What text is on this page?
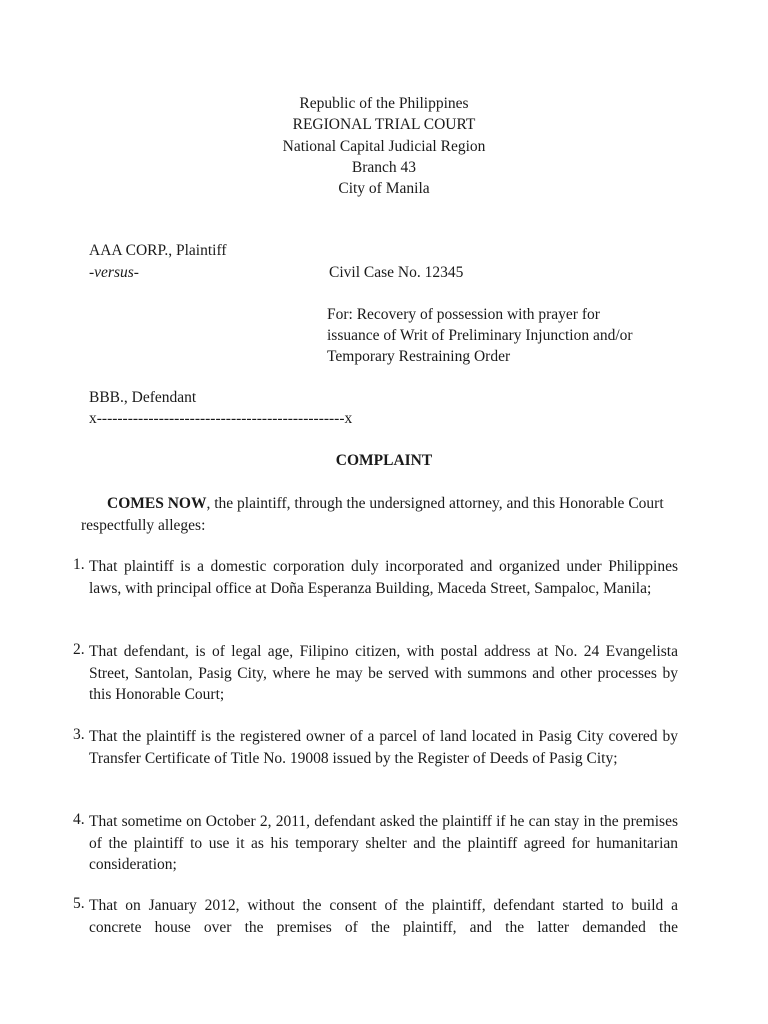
Republic of the Philippines
REGIONAL TRIAL COURT
National Capital Judicial Region
Branch 43
City of Manila
AAA CORP., Plaintiff
-versus-	Civil Case No. 12345
For: Recovery of possession with prayer for
issuance of Writ of Preliminary Injunction and/or
Temporary Restraining Order
BBB., Defendant
x------------------------------------------------x
COMPLAINT
COMES NOW, the plaintiff, through the undersigned attorney, and this Honorable Court respectfully alleges:
1. That plaintiff is a domestic corporation duly incorporated and organized under Philippines laws, with principal office at Doña Esperanza Building, Maceda Street, Sampaloc, Manila;
2. That defendant, is of legal age, Filipino citizen, with postal address at No. 24 Evangelista Street, Santolan, Pasig City, where he may be served with summons and other processes by this Honorable Court;
3. That the plaintiff is the registered owner of a parcel of land located in Pasig City covered by Transfer Certificate of Title No. 19008 issued by the Register of Deeds of Pasig City;
4. That sometime on October 2, 2011, defendant asked the plaintiff if he can stay in the premises of the plaintiff to use it as his temporary shelter and the plaintiff agreed for humanitarian consideration;
5. That on January 2012, without the consent of the plaintiff, defendant started to build a concrete house over the premises of the plaintiff, and the latter demanded the
